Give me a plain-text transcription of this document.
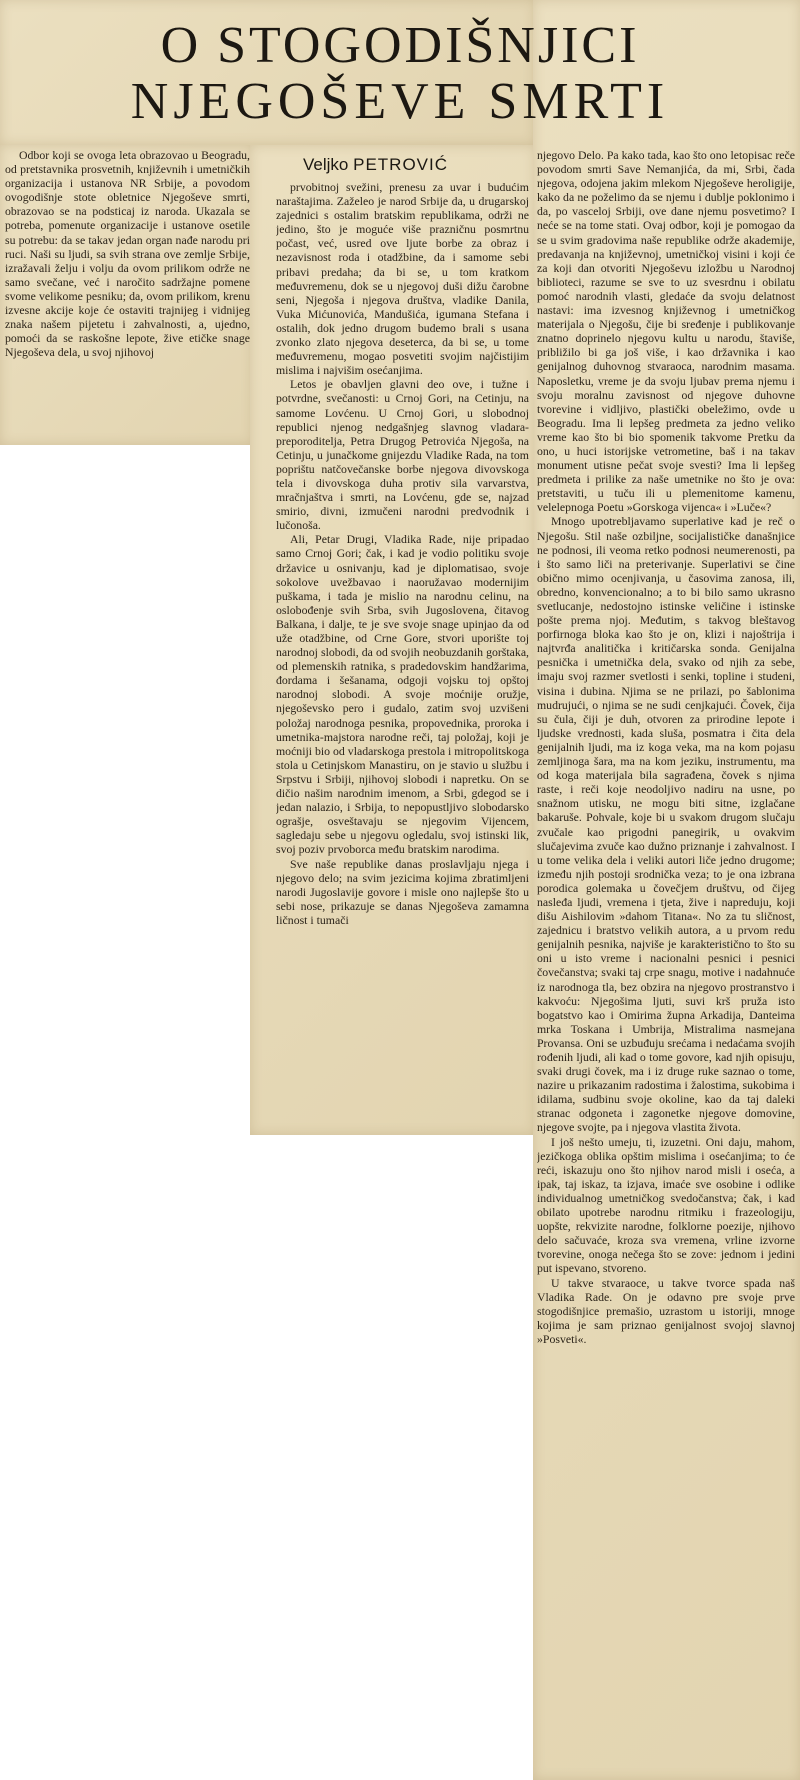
O STOGODIŠNJICI
NJEGOŠEVE SMRTI
Veljko PETROVIĆ

Odbor koji se ovoga leta obrazovao u Beogradu, od pretstavnika prosvetnih, književnih i umetničkih organizacija i ustanova NR Srbije, a povodom ovogodišnje stote obletnice Njegoševe smrti, obrazovao se na podsticaj iz naroda. Ukazala se potreba, pomenute organizacije i ustanove osetile su potrebu: da se takav jedan organ nađe narodu pri ruci. Naši su ljudi, sa svih strana ove zemlje Srbije, izražavali želju i volju da ovom prilikom održe ne samo svečane, već i naročito sadržajne pomene svome velikome pesniku; da, ovom prilikom, krenu izvesne akcije koje će ostaviti trajnijeg i vidnijeg znaka našem pijetetu i zahvalnosti, a, ujedno, pomoći da se raskošne lepote, žive etičke snage Njegoševa dela, u svoj njihovoj

prvobitnoj svežini, prenesu za uvar i budućim naraštajima. Zaželeo je narod Srbije da, u drugarskoj zajednici s ostalim bratskim republikama, održi ne jedino, što je moguće više prazničnu posmrtnu počast, već, usred ove ljute borbe za obraz i nezavisnost roda i otadžbine, da i samome sebi pribavi predaha; da bi se, u tom kratkom međuvremenu, dok se u njegovoj duši dižu čarobne seni, Njegoša i njegova društva, vladike Danila, Vuka Mićunovića, Mandušića, igumana Stefana i ostalih, dok jedno drugom budemo brali s usana zvonko zlato njegova deseterca, da bi se, u tome međuvremenu, mogao posvetiti svojim najčistijim mislima i najvišim osećanjima.

Letos je obavljen glavni deo ove, i tužne i potvrdne, svečanosti: u Crnoj Gori, na Cetinju, na samome Lovćenu. U Crnoj Gori, u slobodnoj republici njenog nedgašnjeg slavnog vladara-preporoditelja, Petra Drugog Petrovića Njegoša, na Cetinju, u junačkome gnijezdu Vladike Rada, na tom poprištu natčovečanske borbe njegova divovskoga tela i divovskoga duha protiv sila varvarstva, mračnjaštva i smrti, na Lovćenu, gde se, najzad smirio, divni, izmučeni narodni predvodnik i lučonoša.

Ali, Petar Drugi, Vladika Rade, nije pripadao samo Crnoj Gori; čak, i kad je vodio politiku svoje državice u osnivanju, kad je diplomatisao, svoje sokolove uvežbavao i naoružavao modernijim puškama, i tada je mislio na narodnu celinu, na oslobođenje svih Srba, svih Jugoslovena, čitavog Balkana, i dalje, te je sve svoje snage upinjao da od uže otadžbine, od Crne Gore, stvori uporište toj narodnoj slobodi, da od svojih neobuzdanih gorštaka, od plemenskih ratnika, s pradedovskim handžarima, đordama i šešanama, odgoji vojsku toj opštoj narodnoj slobodi. A svoje moćnije oružje, njegoševsko pero i gudalo, zatim svoj uzvišeni položaj narodnoga pesnika, propovednika, proroka i umetnika-majstora narodne reči, taj položaj, koji je moćniji bio od vladarskoga prestola i mitropolitskoga stola u Cetinjskom Manastiru, on je stavio u službu i Srpstvu i Srbiji, njihovoj slobodi i napretku. On se dičio našim narodnim imenom, a Srbi, gdegod se i jedan nalazio, i Srbija, to nepopustljivo slobodarsko ograšje, osveštavaju se njegovim Vijencem, sagledaju sebe u njegovu ogledalu, svoj istinski lik, svoj poziv prvoborca među bratskim narodima.

Sve naše republike danas proslavljaju njega i njegovo delo; na svim jezicima kojima zbratimljeni narodi Jugoslavije govore i misle ono najlepše što u sebi nose, prikazuje se danas Njegoševa zamamna ličnost i tumači

njegovo Delo. Pa kako tada, kao što ono letopisac reče povodom smrti Save Nemanjića, da mi, Srbi, čada njegova, odojena jakim mlekom Njegoševe heroligije, kako da ne poželimo da se njemu i dublje poklonimo i da, po vasceloj Srbiji, ove dane njemu posvetimo? I neće se na tome stati. Ovaj odbor, koji je pomogao da se u svim gradovima naše republike održe akademije, predavanja na književnoj, umetničkoj visini i koji će za koji dan otvoriti Njegoševu izložbu u Narodnoj biblioteci, razume se sve to uz svesrdnu i obilatu pomoć narodnih vlasti, gledaće da svoju delatnost nastavi: ima izvesnog književnog i umetničkog materijala o Njegošu, čije bi sređenje i publikovanje znatno doprinelo njegovu kultu u narodu, štaviše, približilo bi ga još više, i kao državnika i kao genijalnog duhovnog stvaraoca, narodnim masama. Naposletku, vreme je da svoju ljubav prema njemu i svoju moralnu zavisnost od njegove duhovne tvorevine i vidljivo, plastički obeležimo, ovde u Beogradu. Ima li lepšeg predmeta za jedno veliko vreme kao što bi bio spomenik takvome Pretku da ono, u huci istorijske vetrometine, baš i na takav monument utisne pečat svoje svesti? Ima li lepšeg predmeta i prilike za naše umetnike no što je ova: pretstaviti, u tuču ili u plemenitome kamenu, velelepnoga Poetu »Gorskoga vijenca« i »Luče«?

Mnogo upotrebljavamo superlative kad je reč o Njegošu. Stil naše ozbiljne, socijalističke današnjice ne podnosi, ili veoma retko podnosi neumerenosti, pa i što samo liči na preterivanje. Superlativi se čine obično mimo ocenjivanja, u časovima zanosa, ili, obredno, konvencionalno; a to bi bilo samo ukrasno svetlucanje, nedostojno istinske veličine i istinske pošte prema njoj. Međutim, s takvog bleštavog porfirnoga bloka kao što je on, klizi i najoštrija i najtvrđa analitička i kritičarska sonda. Genijalna pesnička i umetnička dela, svako od njih za sebe, imaju svoj razmer svetlosti i senki, topline i studeni, visina i dubina. Njima se ne prilazi, po šablonima mudrujući, o njima se ne sudi cenjkajući. Čovek, čija su čula, čiji je duh, otvoren za prirodine lepote i ljudske vrednosti, kada sluša, posmatra i čita dela genijalnih ljudi, ma iz koga veka, ma na kom pojasu zemljinoga šara, ma na kom jeziku, instrumentu, ma od koga materijala bila sagrađena, čovek s njima raste, i reči koje neodoljivo nadiru na usne, po snažnom utisku, ne mogu biti sitne, izglačane bakarušе. Pohvale, koje bi u svakom drugom slučaju zvučale kao prigodni panegirik, u ovakvim slučajevima zvuče kao dužno priznanje i zahvalnost. I u tome velika dela i veliki autori liče jedno drugome; između njih postoji srodnička veza; to je ona izbrana porodica golemaka u čovečjem društvu, od čijeg nasleđa ljudi, vremena i tjeta, žive i napreduju, koji dišu Aishilovim »dahom Titana«. No za tu sličnost, zajednicu i bratstvo velikih autora, a u prvom redu genijalnih pesnika, najviše je karakteristično to što su oni u isto vreme i nacionalni pesnici i pesnici čovečanstva; svaki taj crpe snagu, motive i nadahnuće iz narodnoga tla, bez obzira na njegovo prostranstvo i kakvoću: Njegošima ljuti, suvi krš pruža isto bogatstvo kao i Omirima župna Arkadija, Danteima mrka Toskana i Umbrija, Mistralima nasmejana Provansa. Oni se uzbuđuju srećama i nedaćama svojih rođenih ljudi, ali kad o tome govore, kad njih opisuju, svaki drugi čovek, ma i iz druge ruke saznao o tome, nazire u prikazanim radostima i žalostima, sukobima i idilama, sudbinu svoje okoline, kao da taj daleki stranac odgoneta i zagonetke njegove domovine, njegove svojte, pa i njegova vlastita života.

I još nešto umeju, ti, izuzetni. Oni daju, mahom, jezičkoga oblika opštim mislima i osećanjima; to će reći, iskazuju ono što njihov narod misli i oseća, a ipak, taj iskaz, ta izjava, imaće sve osobine i odlike individualnog umetničkog svedočanstva; čak, i kad obilato upotrebe narodnu ritmiku i frazeologiju, uopšte, rekvizite narodne, folklorne poezije, njihovo delo sačuvaće, kroza sva vremena, vrline izvorne tvorevine, onoga nečega što se zove: jednom i jedini put ispevano, stvoreno.

U takve stvaraoce, u takve tvorce spada naš Vladika Rade. On je odavno pre svoje prve stogodišnjice premašio, uzrastom u istoriji, mnoge kojima je sam priznao genijalnost svojoj slavnoj »Posveti«.
